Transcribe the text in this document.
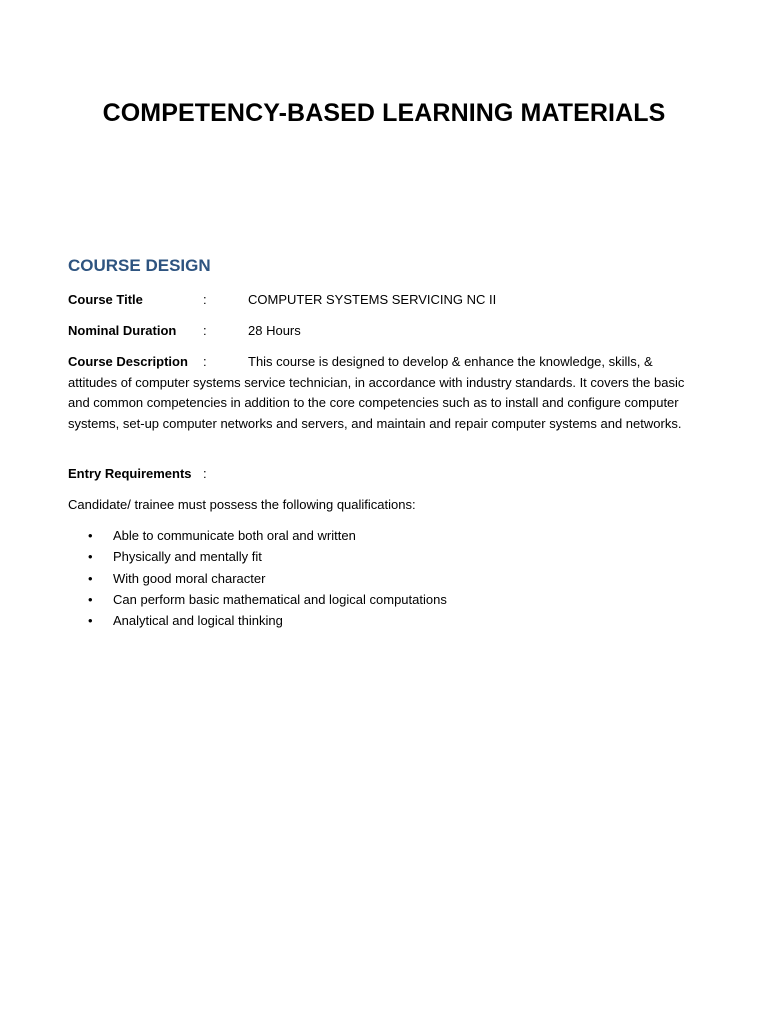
COMPETENCY-BASED LEARNING MATERIALS
COURSE DESIGN
Course Title	:	COMPUTER SYSTEMS SERVICING NC II
Nominal Duration :	28 Hours

Course Description :	This course is designed to develop & enhance the knowledge, skills, & attitudes of computer systems service technician, in accordance with industry standards. It covers the basic and common competencies in addition to the core competencies such as to install and configure computer systems, set-up computer networks and servers, and maintain and repair computer systems and networks.

Entry Requirements :

Candidate/ trainee must possess the following qualifications:

• Able to communicate both oral and written
• Physically and mentally fit
• With good moral character
• Can perform basic mathematical and logical computations
• Analytical and logical thinking
